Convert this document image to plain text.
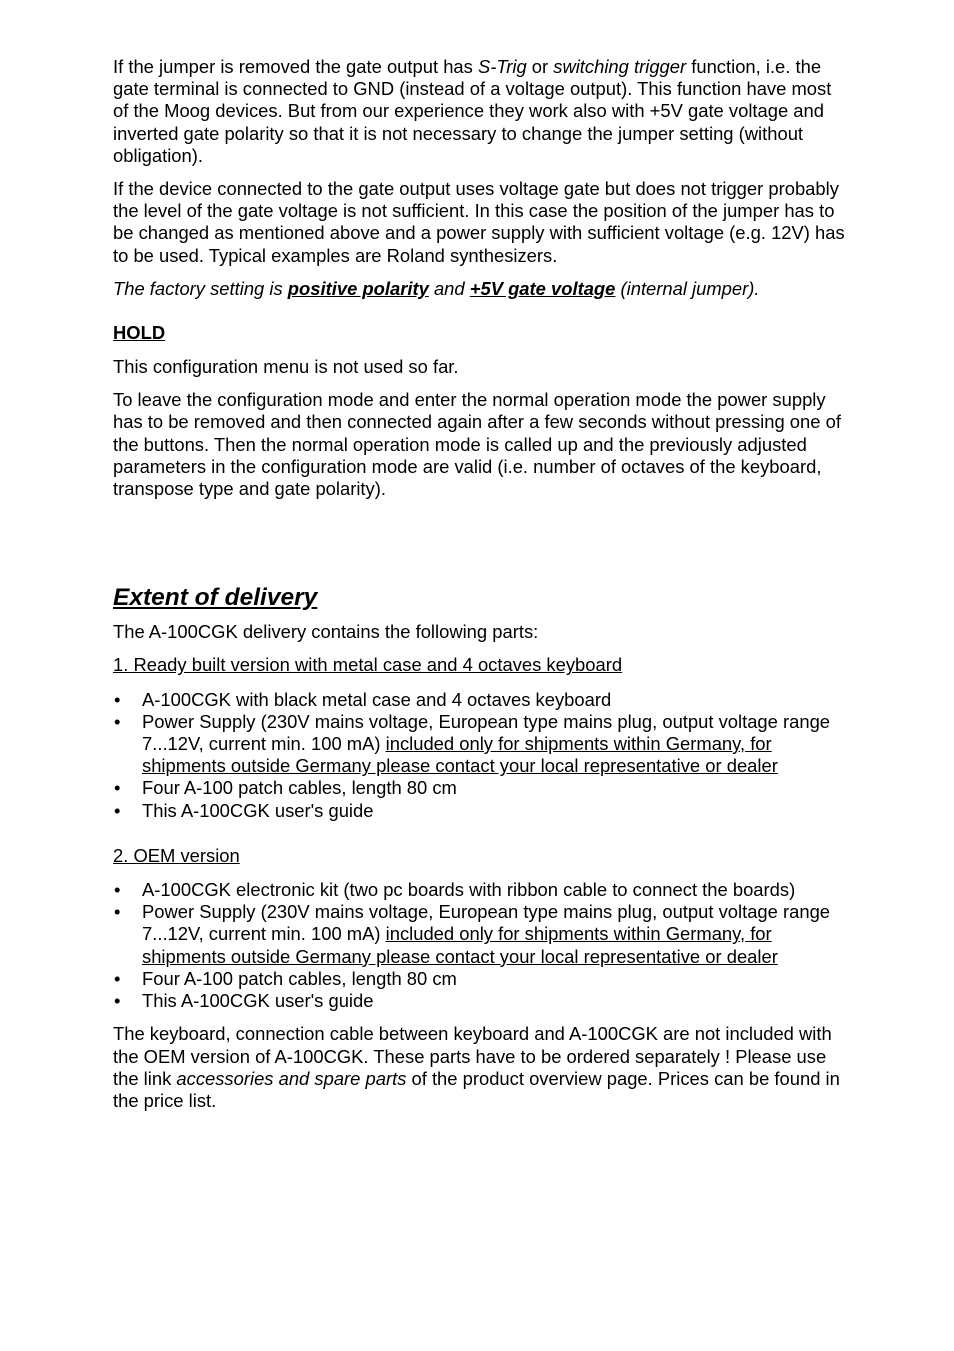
If the jumper is removed the gate output has S-Trig or switching trigger function, i.e. the gate terminal is connected to GND (instead of a voltage output). This function have most of the Moog devices. But from our experience they work also with +5V gate voltage and inverted gate polarity so that it is not necessary to change the jumper setting (without obligation).

If the device connected to the gate output uses voltage gate but does not trigger probably the level of the gate voltage is not sufficient. In this case the position of the jumper has to be changed as mentioned above and a power supply with sufficient voltage (e.g. 12V) has to be used. Typical examples are Roland synthesizers.

The factory setting is positive polarity and +5V gate voltage (internal jumper).

HOLD

This configuration menu is not used so far.

To leave the configuration mode and enter the normal operation mode the power supply has to be removed and then connected again after a few seconds without pressing one of the buttons. Then the normal operation mode is called up and the previously adjusted parameters in the configuration mode are valid (i.e. number of octaves of the keyboard, transpose type and gate polarity).

Extent of delivery

The A-100CGK delivery contains the following parts:

1. Ready built version with metal case and 4 octaves keyboard

• A-100CGK with black metal case and 4 octaves keyboard
• Power Supply (230V mains voltage, European type mains plug, output voltage range 7...12V, current min. 100 mA) included only for shipments within Germany, for shipments outside Germany please contact your local representative or dealer
• Four A-100 patch cables, length 80 cm
• This A-100CGK user's guide

2. OEM version

• A-100CGK electronic kit (two pc boards with ribbon cable to connect the boards)
• Power Supply (230V mains voltage, European type mains plug, output voltage range 7...12V, current min. 100 mA) included only for shipments within Germany, for shipments outside Germany please contact your local representative or dealer
• Four A-100 patch cables, length 80 cm
• This A-100CGK user's guide

The keyboard, connection cable between keyboard and A-100CGK are not included with the OEM version of A-100CGK. These parts have to be ordered separately ! Please use the link accessories and spare parts of the product overview page. Prices can be found in the price list.
